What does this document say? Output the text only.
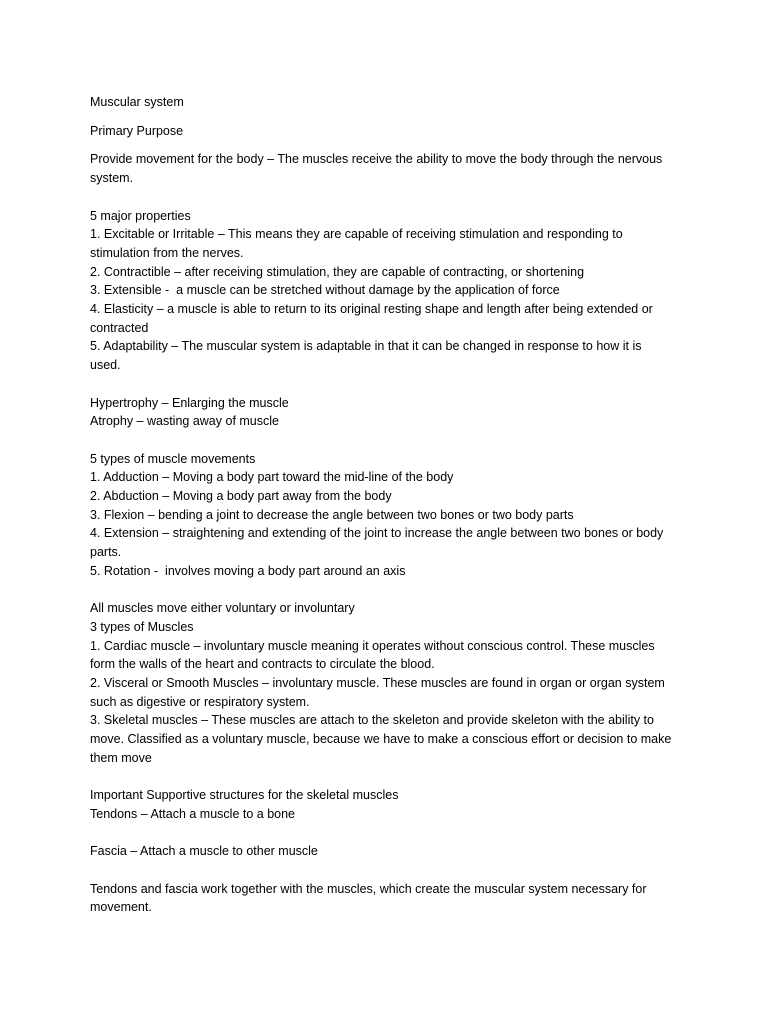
Muscular system
Primary Purpose
Provide movement for the body – The muscles receive the ability to move the body through the nervous
system.
5 major properties
1. Excitable or Irritable – This means they are capable of receiving stimulation and responding to
stimulation from the nerves.
2. Contractible – after receiving stimulation, they are capable of contracting, or shortening
3. Extensible -  a muscle can be stretched without damage by the application of force
4. Elasticity – a muscle is able to return to its original resting shape and length after being extended or
contracted
5. Adaptability – The muscular system is adaptable in that it can be changed in response to how it is
used.
Hypertrophy – Enlarging the muscle
Atrophy – wasting away of muscle
5 types of muscle movements
1. Adduction – Moving a body part toward the mid-line of the body
2. Abduction – Moving a body part away from the body
3. Flexion – bending a joint to decrease the angle between two bones or two body parts
4. Extension – straightening and extending of the joint to increase the angle between two bones or body
parts.
5. Rotation -  involves moving a body part around an axis
All muscles move either voluntary or involuntary
3 types of Muscles
1. Cardiac muscle – involuntary muscle meaning it operates without conscious control. These muscles
form the walls of the heart and contracts to circulate the blood.
2. Visceral or Smooth Muscles – involuntary muscle. These muscles are found in organ or organ system
such as digestive or respiratory system.
3. Skeletal muscles – These muscles are attach to the skeleton and provide skeleton with the ability to
move. Classified as a voluntary muscle, because we have to make a conscious effort or decision to make
them move
Important Supportive structures for the skeletal muscles
Tendons – Attach a muscle to a bone
Fascia – Attach a muscle to other muscle
Tendons and fascia work together with the muscles, which create the muscular system necessary for
movement.
